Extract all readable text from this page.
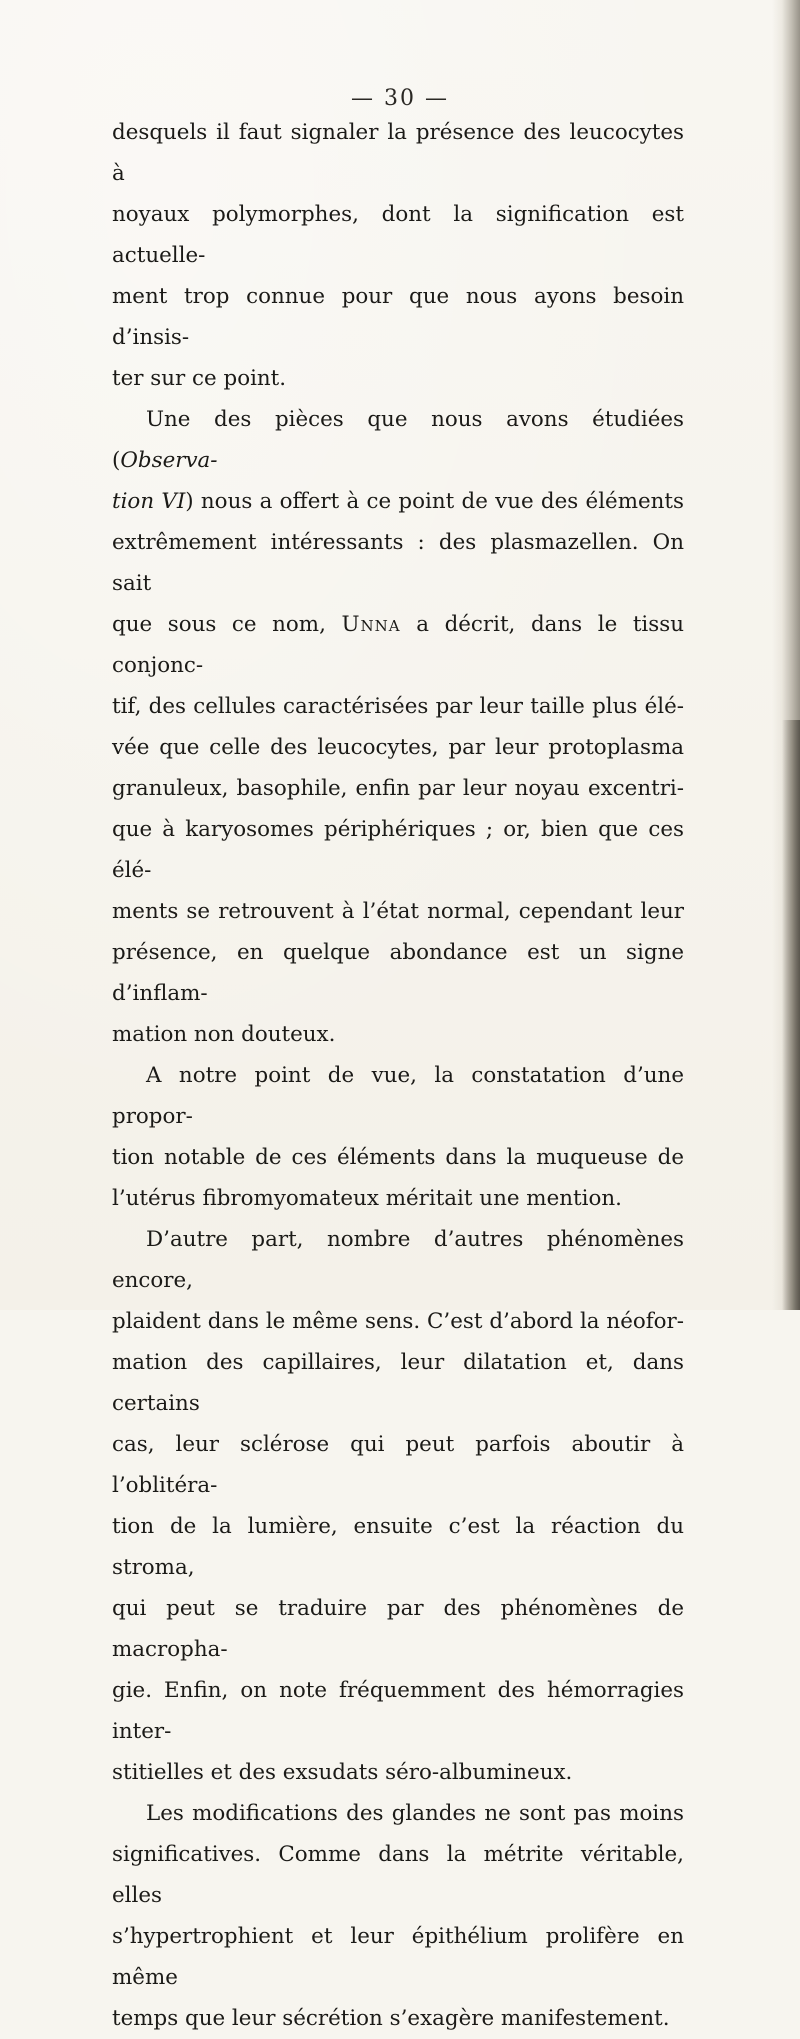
— 30 —

desquels il faut signaler la présence des leucocytes à

noyaux polymorphes, dont la signification est actuelle-

ment trop connue pour que nous ayons besoin d’insis-

ter sur ce point.

Une des pièces que nous avons étudiées (Observa-

tion VI) nous a offert à ce point de vue des éléments

extrêmement intéressants : des plasmazellen. On sait

que sous ce nom, Unna a décrit, dans le tissu conjonc-

tif, des cellules caractérisées par leur taille plus élé-

vée que celle des leucocytes, par leur protoplasma

granuleux, basophile, enfin par leur noyau excentri-

que à karyosomes périphériques ; or, bien que ces élé-

ments se retrouvent à l’état normal, cependant leur

présence, en quelque abondance est un signe d’inflam-

mation non douteux.

A notre point de vue, la constatation d’une propor-

tion notable de ces éléments dans la muqueuse de

l’utérus fibromyomateux méritait une mention.

D’autre part, nombre d’autres phénomènes encore,

plaident dans le même sens. C’est d’abord la néofor-

mation des capillaires, leur dilatation et, dans certains

cas, leur sclérose qui peut parfois aboutir à l’oblitéra-

tion de la lumière, ensuite c’est la réaction du stroma,

qui peut se traduire par des phénomènes de macropha-

gie. Enfin, on note fréquemment des hémorragies inter-

stitielles et des exsudats séro-albumineux.

Les modifications des glandes ne sont pas moins

significatives. Comme dans la métrite véritable, elles

s’hypertrophient et leur épithélium prolifère en même

temps que leur sécrétion s’exagère manifestement.
